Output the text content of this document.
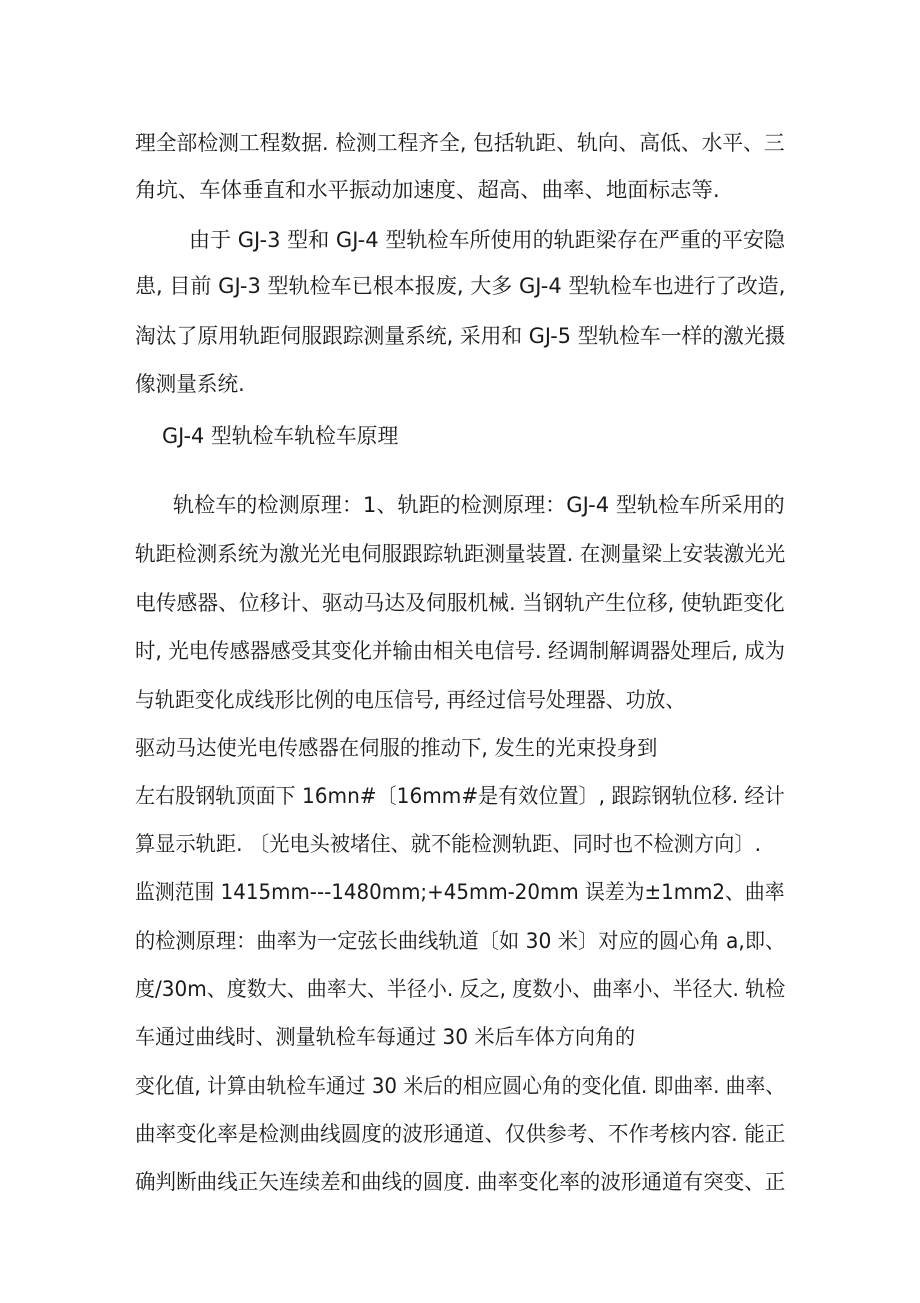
理全部检测工程数据. 检测工程齐全, 包括轨距、轨向、高低、水平、三
角坑、车体垂直和水平振动加速度、超高、曲率、地面标志等.
由于 GJ-3 型和 GJ-4 型轨检车所使用的轨距梁存在严重的平安隐
患, 目前 GJ-3 型轨检车已根本报废, 大多 GJ-4 型轨检车也进行了改造,
淘汰了原用轨距伺服跟踪测量系统, 采用和 GJ-5 型轨检车一样的激光摄
像测量系统.
GJ-4 型轨检车轨检车原理
轨检车的检测原理：1、轨距的检测原理：GJ-4 型轨检车所采用的
轨距检测系统为激光光电伺服跟踪轨距测量装置. 在测量梁上安装激光光
电传感器、位移计、驱动马达及伺服机械. 当钢轨产生位移, 使轨距变化
时, 光电传感器感受其变化并输由相关电信号. 经调制解调器处理后, 成为
与轨距变化成线形比例的电压信号, 再经过信号处理器、功放、
驱动马达使光电传感器在伺服的推动下, 发生的光束投身到
左右股钢轨顶面下 16mn#〔16mm#是有效位置〕, 跟踪钢轨位移. 经计
算显示轨距. 〔光电头被堵住、就不能检测轨距、同时也不检测方向〕.
监测范围 1415mm---1480mm;+45mm-20mm 误差为±1mm2、曲率
的检测原理：曲率为一定弦长曲线轨道〔如 30 米〕对应的圆心角 a,即、
度/30m、度数大、曲率大、半径小. 反之, 度数小、曲率小、半径大. 轨检
车通过曲线时、测量轨检车每通过 30 米后车体方向角的
变化值, 计算由轨检车通过 30 米后的相应圆心角的变化值. 即曲率. 曲率、
曲率变化率是检测曲线圆度的波形通道、仅供参考、不作考核内容. 能正
确判断曲线正矢连续差和曲线的圆度. 曲率变化率的波形通道有突变、正
